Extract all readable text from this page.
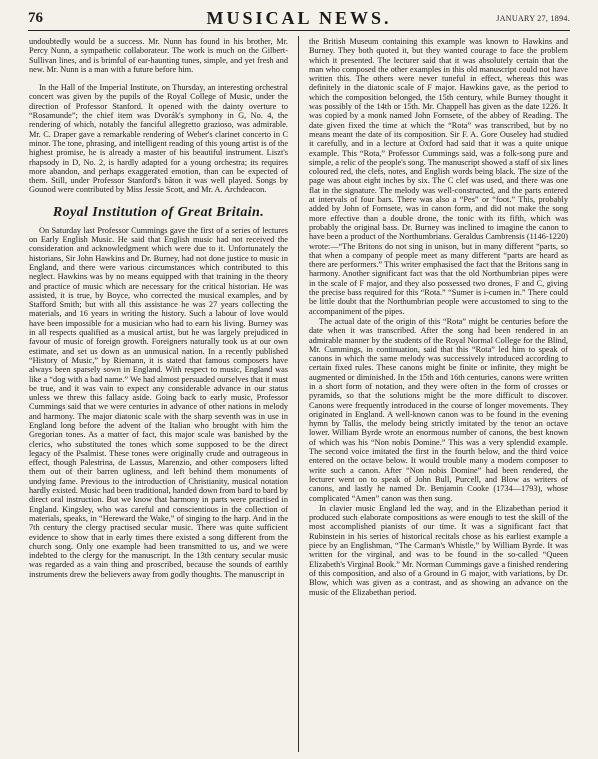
76	MUSICAL NEWS.	JANUARY 27, 1894.

undoubtedly would be a success. Mr. Nunn has found in his brother, Mr. Percy Nunn, a sympathetic collaborateur. The work is much on the Gilbert-Sullivan lines, and is brimful of ear-haunting tunes, simple, and yet fresh and new. Mr. Nunn is a man with a future before him.

In the Hall of the Imperial Institute, on Thursday, an interesting orchestral concert was given by the pupils of the Royal College of Music, under the direction of Professor Stanford. It opened with the dainty overture to “Rosamunde”; the chief item was Dvorák's symphony in G, No. 4, the rendering of which, notably the fanciful allegretto grazioso, was admirable. Mr. C. Draper gave a remarkable rendering of Weber's clarinet concerto in C minor. The tone, phrasing, and intelligent reading of this young artist is of the highest promise, he is already a master of his beautiful instrument. Liszt's rhapsody in D, No. 2, is hardly adapted for a young orchestra; its requires more abandon, and perhaps exaggerated emotion, than can be expected of them. Still, under Professor Stanford's bâton it was well played. Songs by Gounod were contributed by Miss Jessie Scott, and Mr. A. Archdeacon.

Royal Institution of Great Britain.

On Saturday last Professor Cummings gave the first of a series of lectures on Early English Music. He said that English music had not received the consideration and acknowledgment which were due to it. Unfortunately the historians, Sir John Hawkins and Dr. Burney, had not done justice to music in England, and there were various circumstances which contributed to this neglect. Hawkins was by no means equipped with that training in the theory and practice of music which are necessary for the critical historian. He was assisted, it is true, by Boyce, who corrected the musical examples, and by Stafford Smith; but with all this assistance he was 27 years collecting the materials, and 16 years in writing the history. Such a labour of love would have been impossible for a musician who had to earn his living. Burney was in all respects qualified as a musical artist, but he was largely prejudiced in favour of music of foreign growth. Foreigners naturally took us at our own estimate, and set us down as an unmusical nation. In a recently published “History of Music,” by Riemann, it is stated that famous composers have always been sparsely sown in England. With respect to music, England was like a “dog with a bad name.” We had almost persuaded ourselves that it must be true, and it was vain to expect any considerable advance in our status unless we threw this fallacy aside. Going back to early music, Professor Cummings said that we were centuries in advance of other nations in melody and harmony. The major diatonic scale with the sharp seventh was in use in England long before the advent of the Italian who brought with him the Gregorian tones. As a matter of fact, this major scale was banished by the clerics, who substituted the tones which some supposed to be the direct legacy of the Psalmist. These tones were originally crude and outrageous in effect, though Palestrina, de Lassus, Marenzio, and other composers lifted them out of their barren ugliness, and left behind them monuments of undying fame. Previous to the introduction of Christianity, musical notation hardly existed. Music had been traditional, handed down from bard to bard by direct oral instruction. But we know that harmony in parts were practised in England. Kingsley, who was careful and conscientious in the collection of materials, speaks, in “Hereward the Wake,” of singing to the harp. And in the 7th century the clergy practised secular music. There was quite sufficient evidence to show that in early times there existed a song different from the church song. Only one example had been transmitted to us, and we were indebted to the clergy for the manuscript. In the 13th century secular music was regarded as a vain thing and proscribed, because the sounds of earthly instruments drew the believers away from godly thoughts. The manuscript in

the British Museum containing this example was known to Hawkins and Burney. They both quoted it, but they wanted courage to face the problem which it presented. The lecturer said that it was absolutely certain that the man who composed the other examples in this old manuscript could not have written this. The others were never tuneful in effect, whereas this was definitely in the diatonic scale of F major. Hawkins gave, as the period to which the composition belonged, the 15th century, while Burney thought it was possibly of the 14th or 15th. Mr. Chappell has given as the date 1226. It was copied by a monk named John Fornsete, of the abbey of Reading. The date given fixed the time at which the “Rota” was transcribed, but by no means meant the date of its composition. Sir F. A. Gore Ouseley had studied it carefully, and in a lecture at Oxford had said that it was a quite unique example. This “Rota,” Professor Cummings said, was a folk-song pure and simple, a relic of the people's song. The manuscript showed a staff of six lines coloured red, the clefs, notes, and English words being black. The size of the page was about eight inches by six. The C clef was used, and there was one flat in the signature. The melody was well-constructed, and the parts entered at intervals of four bars. There was also a “Pes” or “foot.” This, probably added by John of Fornsete, was in canon form, and did not make the song more effective than a double drone, the tonic with its fifth, which was probably the original bass. Dr. Burney was inclined to imagine the canon to have been a product of the Northumbrians. Geraldus Cambrensis (1146-1220) wrote:—“The Britons do not sing in unison, but in many different “parts, so that when a company of people meet as many different “parts are heard as there are performers.” This writer emphasised the fact that the Britons sang in harmony. Another significant fact was that the old Northumbrian pipes were in the scale of F major, and they also possessed two drones, F and C, giving the precise bass required for this “Rota.” “Sumer is i-cumen in.” There could be little doubt that the Northumbrian people were accustomed to sing to the accompaniment of the pipes.

The actual date of the origin of this “Rota” might be centuries before the date when it was transcribed. After the song had been rendered in an admirable manner by the students of the Royal Normal College for the Blind, Mr. Cummings, in continuation, said that this “Rota” led him to speak of canons in which the same melody was successively introduced according to certain fixed rules. These canons might be finite or infinite, they might be augmented or diminished. In the 15th and 16th centuries, canons were written in a short form of notation, and they were often in the form of crosses or pyramids, so that the solutions might be the more difficult to discover. Canons were frequently introduced in the course of longer movements. They originated in England. A well-known canon was to be found in the evening hymn by Tallis, the melody being strictly imitated by the tenor an octave lower. William Byrde wrote an enormous number of canons, the best known of which was his “Non nobis Domine.” This was a very splendid example. The second voice imitated the first in the fourth below, and the third voice entered on the octave below. It would trouble many a modern composer to write such a canon. After “Non nobis Domine” had been rendered, the lecturer went on to speak of John Bull, Purcell, and Blow as writers of canons, and lastly he named Dr. Benjamin Cooke (1734—1793), whose complicated “Amen” canon was then sung.

In clavier music England led the way, and in the Elizabethan period it produced such elaborate compositions as were enough to test the skill of the most accomplished pianists of our time. It was a significant fact that Rubinstein in his series of historical recitals chose as his earliest example a piece by an Englishman, “The Carman's Whistle,” by William Byrde. It was written for the virginal, and was to be found in the so-called “Queen Elizabeth's Virginal Book.” Mr. Norman Cummings gave a finished rendering of this composition, and also of a Ground in G major, with variations, by Dr. Blow, which was given as a contrast, and as showing an advance on the music of the Elizabethan period.
